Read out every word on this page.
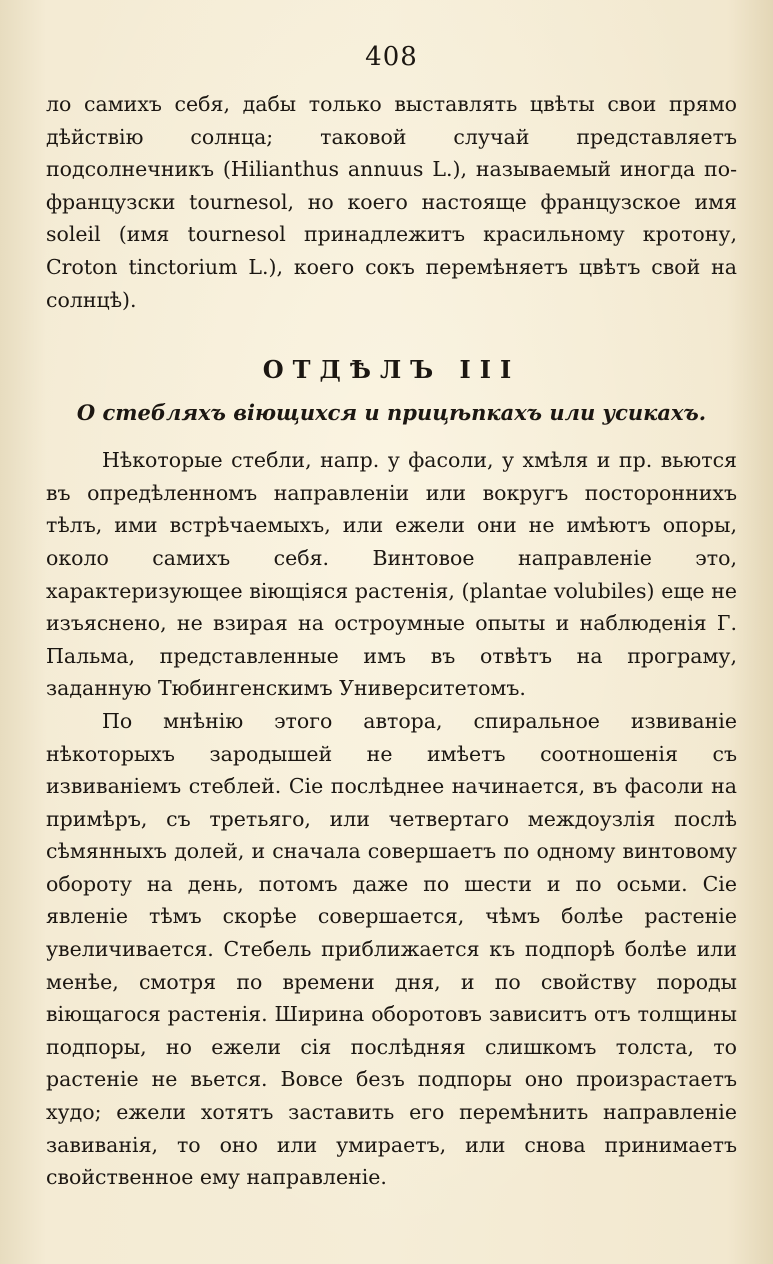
408

ло самихъ себя, дабы только выставлять цвѣты свои прямо дѣйствію солнца; таковой случай представляетъ подсолнечникъ (Hilianthus annuus L.), называемый иногда по-французски tournesol, но коего настояще французское имя soleil (имя tournesol принадлежитъ красильному кротону, Croton tinctorium L.), коего сокъ перемѣняетъ цвѣтъ свой на солнцѣ).

ОТДѢЛЪ III
О стебляхъ віющихся и прицѣпкахъ или усикахъ.

Нѣкоторые стебли, напр. у фасоли, у хмѣля и пр. вьются въ опредѣленномъ направленіи или вокругъ постороннихъ тѣлъ, ими встрѣчаемыхъ, или ежели они не имѣютъ опоры, около самихъ себя. Винтовое направленіе это, характеризующее віющіяся растенія, (plantae volubiles) еще не изъяснено, не взирая на остроумные опыты и наблюденія Г. Пальма, представленные имъ въ отвѣтъ на програму, заданную Тюбингенскимъ Университетомъ.

По мнѣнію этого автора, спиральное извиваніе нѣкоторыхъ зародышей не имѣетъ соотношенія съ извиваніемъ стеблей. Сіе послѣднее начинается, въ фасоли на примѣръ, съ третьяго, или четвертаго междоузлія послѣ сѣмянныхъ долей, и сначала совершаетъ по одному винтовому обороту на день, потомъ даже по шести и по осьми. Сіе явленіе тѣмъ скорѣе совершается, чѣмъ болѣе растеніе увеличивается. Стебель приближается къ подпорѣ болѣе или менѣе, смотря по времени дня, и по свойству породы віющагося растенія. Ширина оборотовъ зависитъ отъ толщины подпоры, но ежели сія послѣдняя слишкомъ толста, то растеніе не вьется. Вовсе безъ подпоры оно произрастаетъ худо; ежели хотятъ заставить его перемѣнить направленіе завиванія, то оно или умираетъ, или снова принимаетъ свойственное ему направленіе.
